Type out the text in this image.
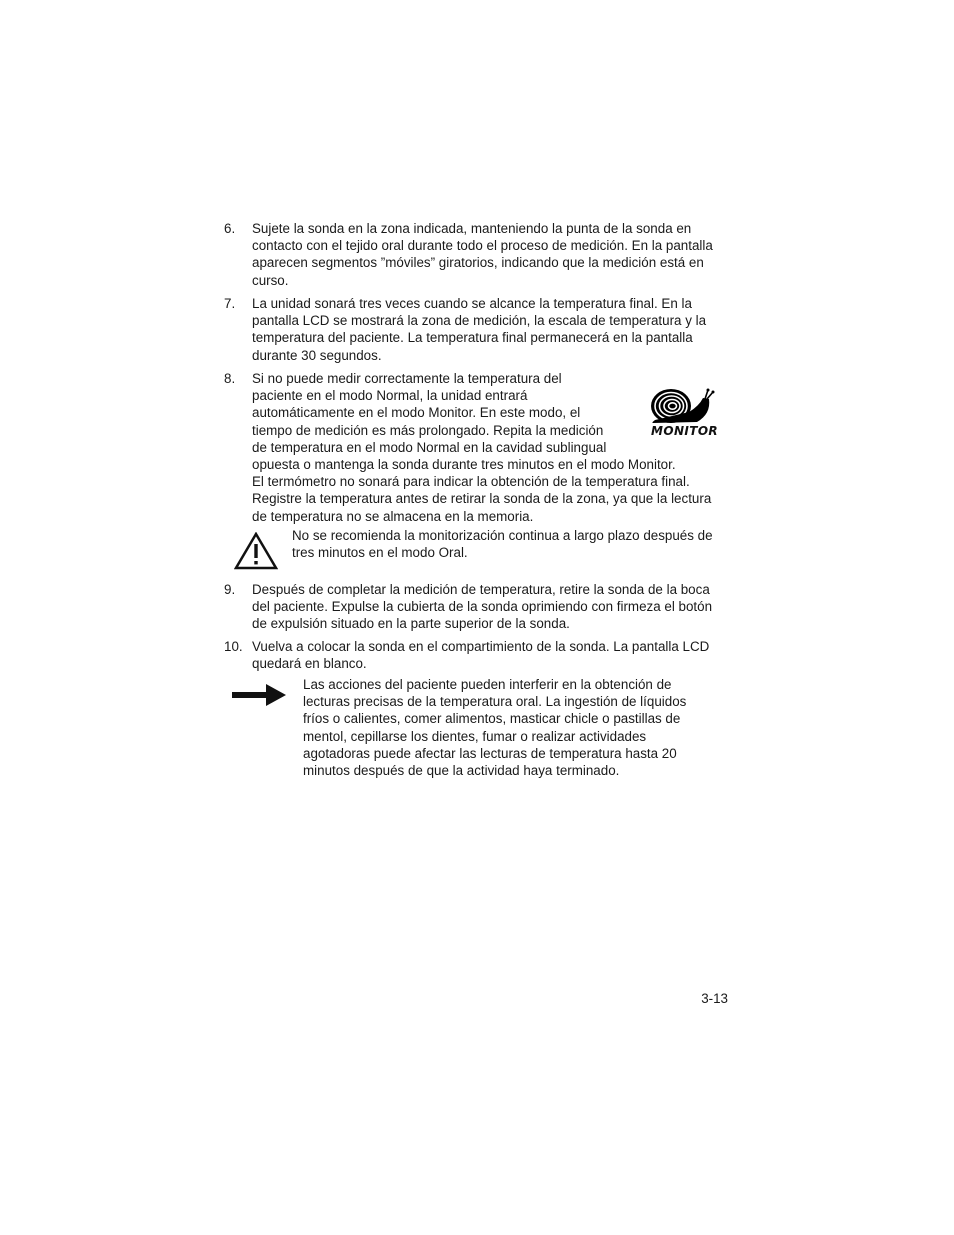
6. Sujete la sonda en la zona indicada, manteniendo la punta de la sonda en contacto con el tejido oral durante todo el proceso de medición. En la pantalla aparecen segmentos ”móviles” giratorios, indicando que la medición está en curso.
7. La unidad sonará tres veces cuando se alcance la temperatura final. En la pantalla LCD se mostrará la zona de medición, la escala de temperatura y la temperatura del paciente. La temperatura final permanecerá en la pantalla durante 30 segundos.
8. Si no puede medir correctamente la temperatura del
paciente en el modo Normal, la unidad entrará
automáticamente en el modo Monitor. En este modo, el
tiempo de medición es más prolongado. Repita la medición
de temperatura en el modo Normal en la cavidad sublingual
opuesta o mantenga la sonda durante tres minutos en el modo Monitor.
El termómetro no sonará para indicar la obtención de la temperatura final.
Registre la temperatura antes de retirar la sonda de la zona, ya que la lectura
de temperatura no se almacena en la memoria.
MONITOR
No se recomienda la monitorización continua a largo plazo después de tres minutos en el modo Oral.
9. Después de completar la medición de temperatura, retire la sonda de la boca del paciente. Expulse la cubierta de la sonda oprimiendo con firmeza el botón de expulsión situado en la parte superior de la sonda.
10. Vuelva a colocar la sonda en el compartimiento de la sonda. La pantalla LCD quedará en blanco.
Las acciones del paciente pueden interferir en la obtención de lecturas precisas de la temperatura oral. La ingestión de líquidos fríos o calientes, comer alimentos, masticar chicle o pastillas de mentol, cepillarse los dientes, fumar o realizar actividades agotadoras puede afectar las lecturas de temperatura hasta 20 minutos después de que la actividad haya terminado.
3-13
